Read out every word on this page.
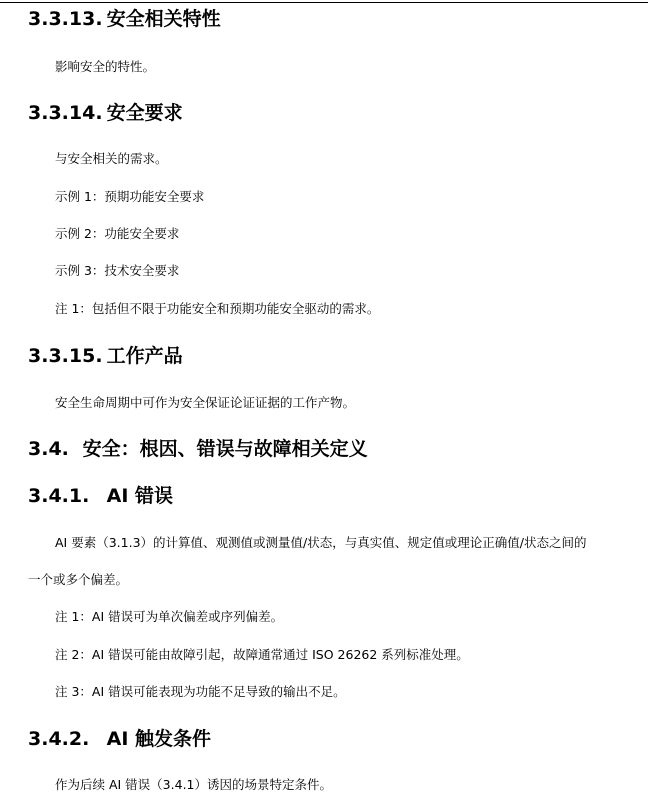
3.3.13. 安全相关特性

影响安全的特性。

3.3.14. 安全要求

与安全相关的需求。

示例 1：预期功能安全要求

示例 2：功能安全要求

示例 3：技术安全要求

注 1：包括但不限于功能安全和预期功能安全驱动的需求。

3.3.15. 工作产品

安全生命周期中可作为安全保证论证证据的工作产物。

3.4. 安全：根因、错误与故障相关定义
3.4.1. AI 错误

AI 要素（3.1.3）的计算值、观测值或测量值/状态，与真实值、规定值或理论正确值/状态之间的

一个或多个偏差。

注 1：AI 错误可为单次偏差或序列偏差。

注 2：AI 错误可能由故障引起，故障通常通过 ISO 26262 系列标准处理。

注 3：AI 错误可能表现为功能不足导致的输出不足。

3.4.2. AI 触发条件

作为后续 AI 错误（3.4.1）诱因的场景特定条件。
